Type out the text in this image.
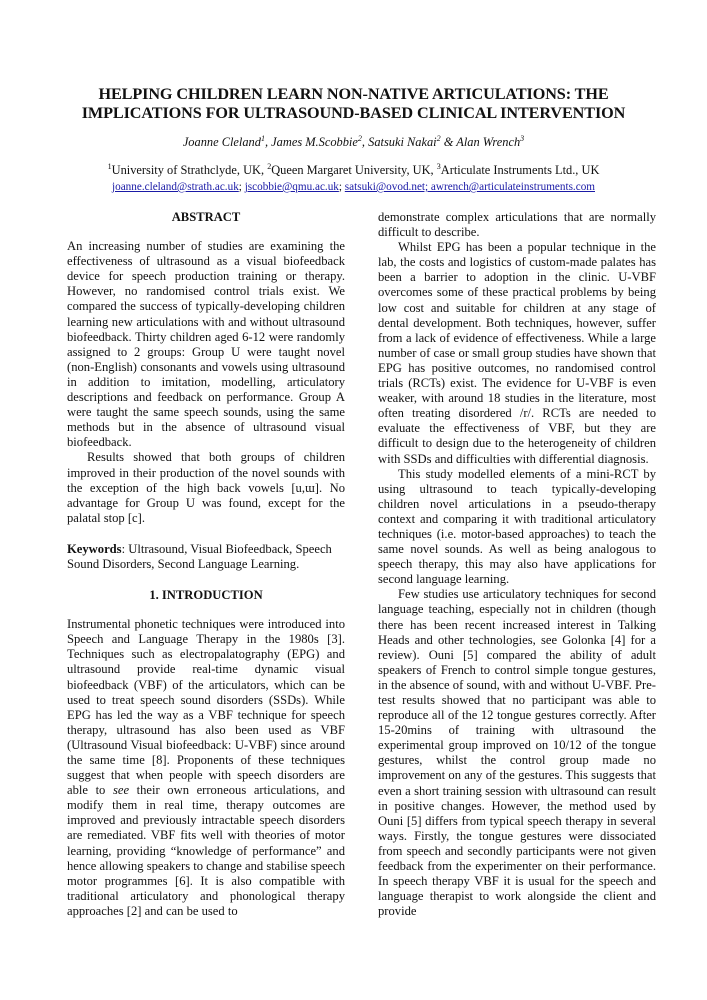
HELPING CHILDREN LEARN NON-NATIVE ARTICULATIONS: THE
IMPLICATIONS FOR ULTRASOUND-BASED CLINICAL INTERVENTION
Joanne Cleland$^1$, James M.Scobbie$^2$, Satsuki Nakai$^2$ & Alan Wrench$^3$
$^1$University of Strathclyde, UK, $^2$Queen Margaret University, UK, $^3$Articulate Instruments Ltd., UK
joanne.cleland@strath.ac.uk; jscobbie@qmu.ac.uk; satsuki@ovod.net; awrench@articulateinstruments.com

ABSTRACT

An increasing number of studies are examining the effectiveness of ultrasound as a visual biofeedback device for speech production training or therapy. However, no randomised control trials exist. We compared the success of typically-developing children learning new articulations with and without ultrasound biofeedback. Thirty children aged 6-12 were randomly assigned to 2 groups: Group U were taught novel (non-English) consonants and vowels using ultrasound in addition to imitation, modelling, articulatory descriptions and feedback on performance. Group A were taught the same speech sounds, using the same methods but in the absence of ultrasound visual biofeedback.

Results showed that both groups of children improved in their production of the novel sounds with the exception of the high back vowels [u,ɯ]. No advantage for Group U was found, except for the palatal stop [c].

Keywords: Ultrasound, Visual Biofeedback, Speech Sound Disorders, Second Language Learning.

1. INTRODUCTION

Instrumental phonetic techniques were introduced into Speech and Language Therapy in the 1980s [3]. Techniques such as electropalatography (EPG) and ultrasound provide real-time dynamic visual biofeedback (VBF) of the articulators, which can be used to treat speech sound disorders (SSDs). While EPG has led the way as a VBF technique for speech therapy, ultrasound has also been used as VBF (Ultrasound Visual biofeedback: U-VBF) since around the same time [8]. Proponents of these techniques suggest that when people with speech disorders are able to see their own erroneous articulations, and modify them in real time, therapy outcomes are improved and previously intractable speech disorders are remediated. VBF fits well with theories of motor learning, providing “knowledge of performance” and hence allowing speakers to change and stabilise speech motor programmes [6]. It is also compatible with traditional articulatory and phonological therapy approaches [2] and can be used to

demonstrate complex articulations that are normally difficult to describe.

Whilst EPG has been a popular technique in the lab, the costs and logistics of custom-made palates has been a barrier to adoption in the clinic. U-VBF overcomes some of these practical problems by being low cost and suitable for children at any stage of dental development. Both techniques, however, suffer from a lack of evidence of effectiveness. While a large number of case or small group studies have shown that EPG has positive outcomes, no randomised control trials (RCTs) exist. The evidence for U-VBF is even weaker, with around 18 studies in the literature, most often treating disordered /r/. RCTs are needed to evaluate the effectiveness of VBF, but they are difficult to design due to the heterogeneity of children with SSDs and difficulties with differential diagnosis.

This study modelled elements of a mini-RCT by using ultrasound to teach typically-developing children novel articulations in a pseudo-therapy context and comparing it with traditional articulatory techniques (i.e. motor-based approaches) to teach the same novel sounds. As well as being analogous to speech therapy, this may also have applications for second language learning.

Few studies use articulatory techniques for second language teaching, especially not in children (though there has been recent increased interest in Talking Heads and other technologies, see Golonka [4] for a review). Ouni [5] compared the ability of adult speakers of French to control simple tongue gestures, in the absence of sound, with and without U-VBF. Pre-test results showed that no participant was able to reproduce all of the 12 tongue gestures correctly. After 15-20mins of training with ultrasound the experimental group improved on 10/12 of the tongue gestures, whilst the control group made no improvement on any of the gestures. This suggests that even a short training session with ultrasound can result in positive changes. However, the method used by Ouni [5] differs from typical speech therapy in several ways. Firstly, the tongue gestures were dissociated from speech and secondly participants were not given feedback from the experimenter on their performance. In speech therapy VBF it is usual for the speech and language therapist to work alongside the client and provide
